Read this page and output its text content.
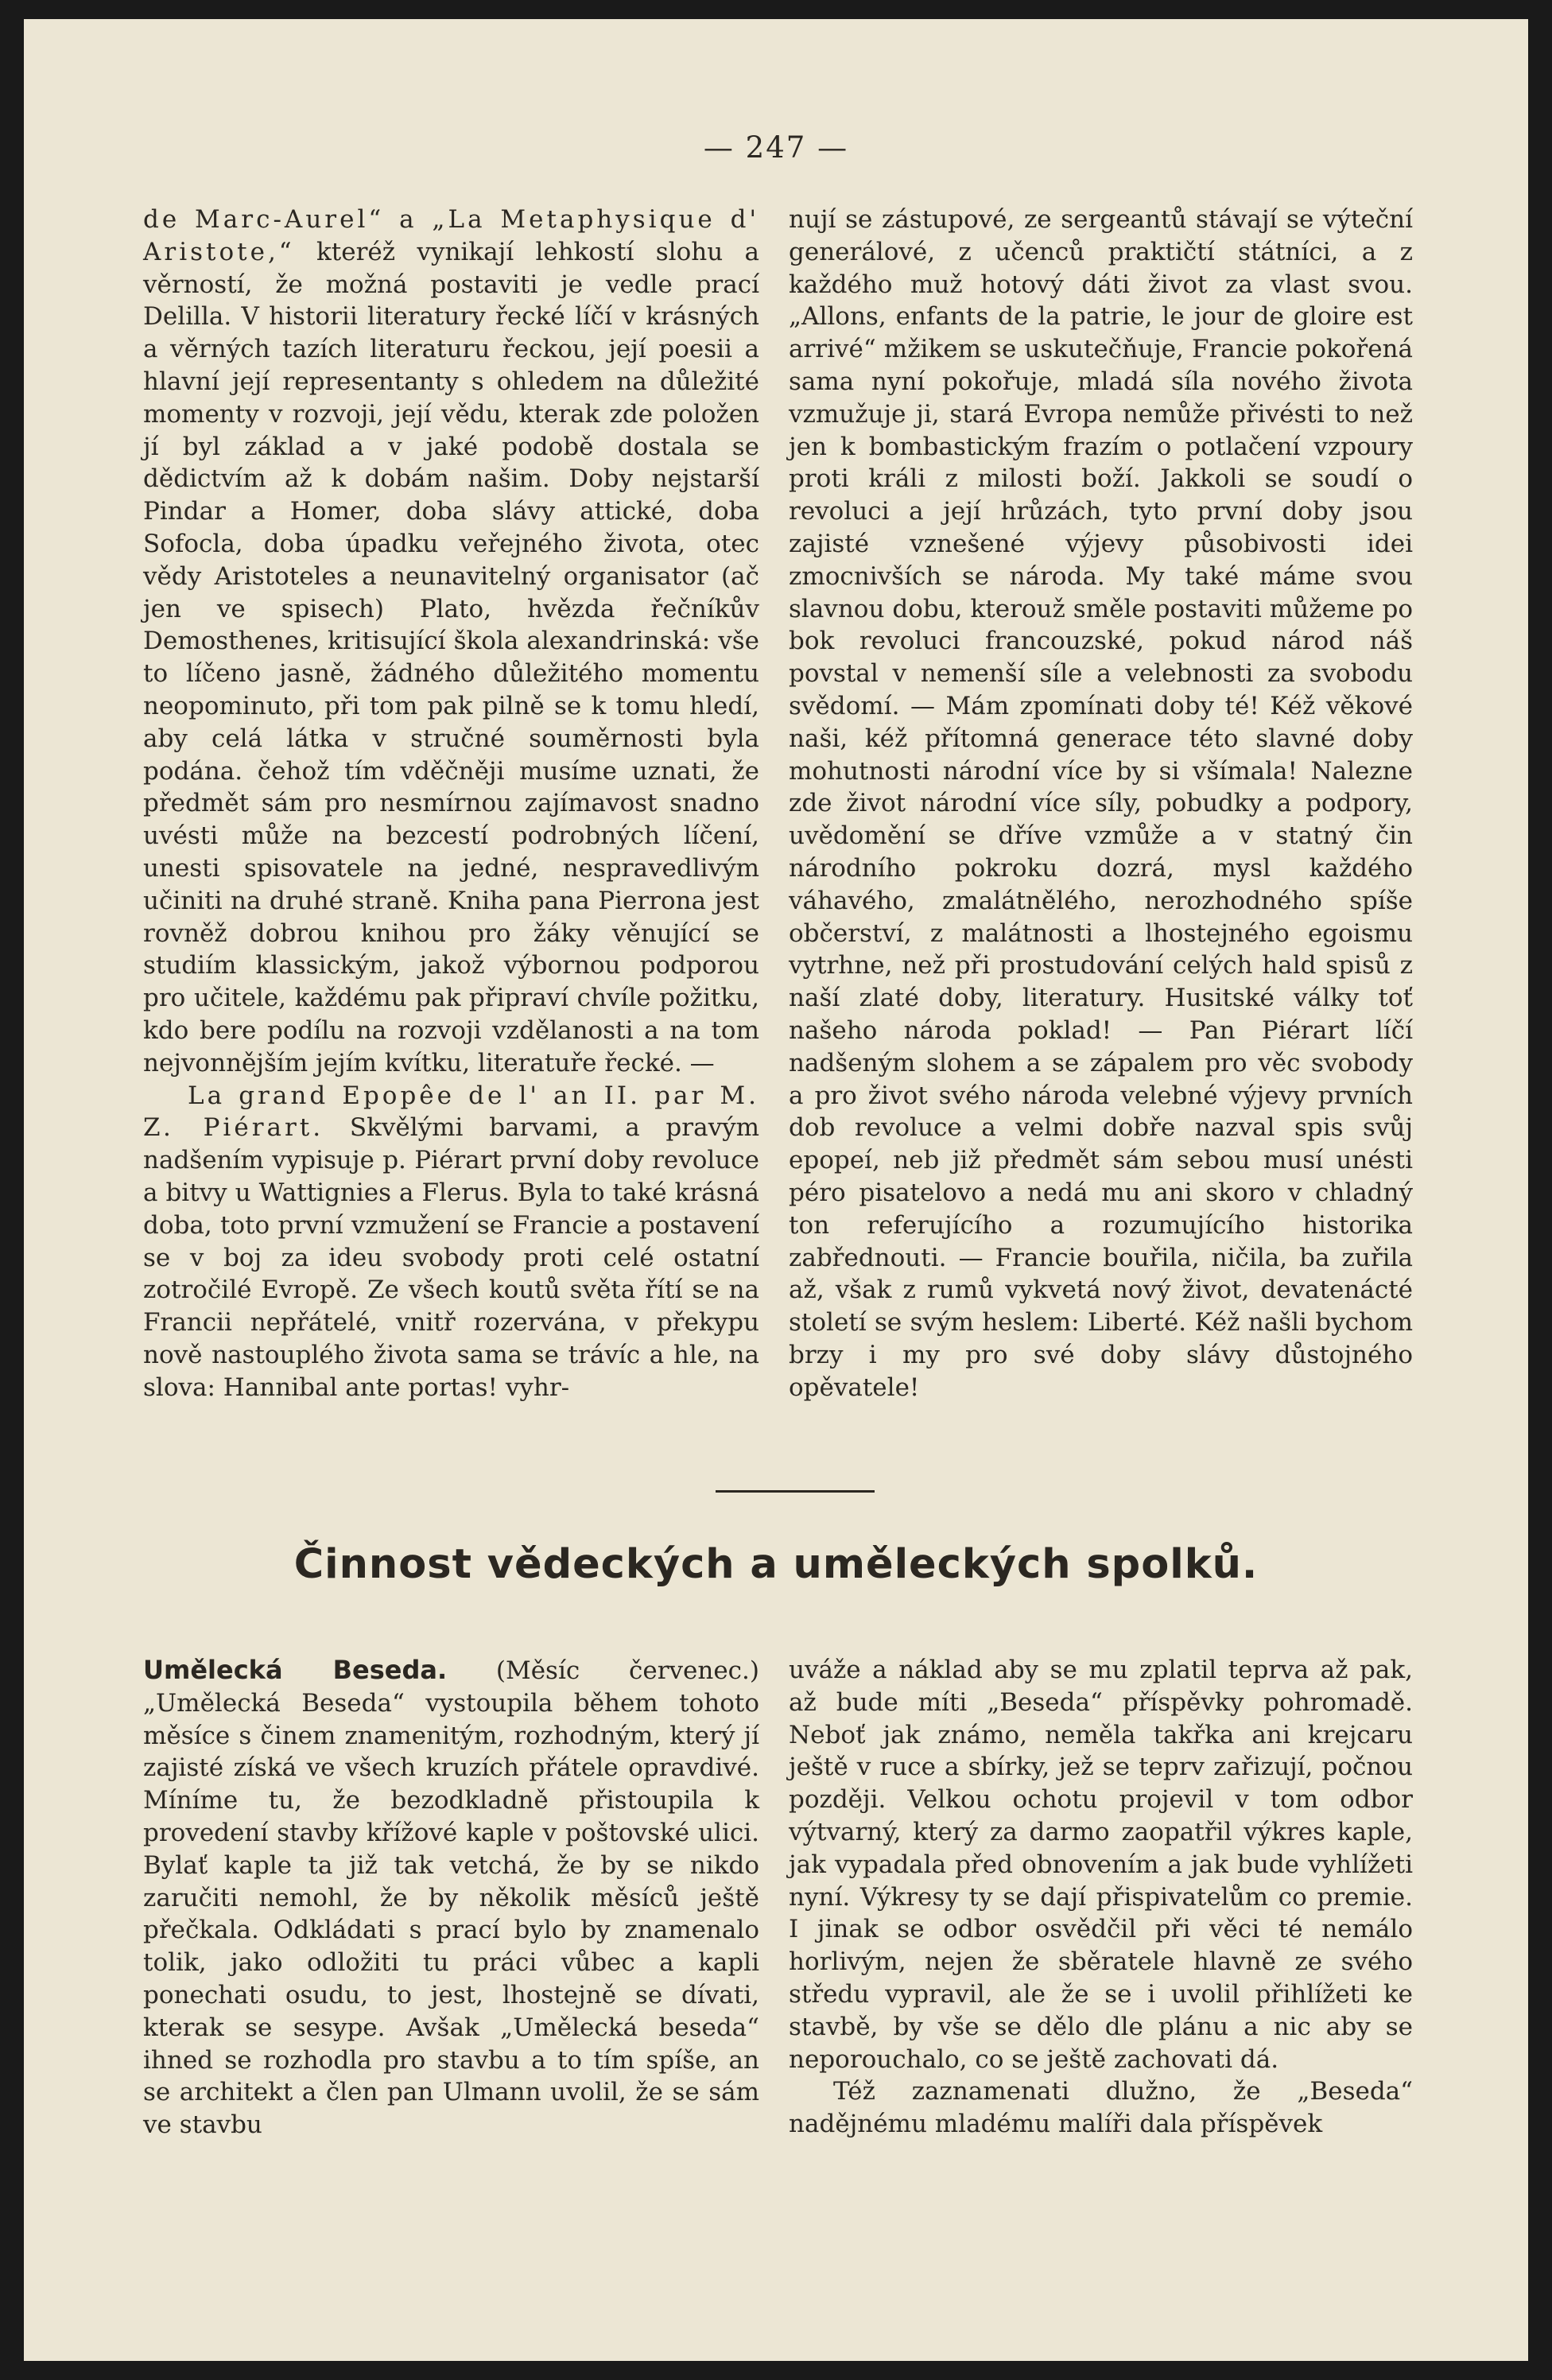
— 247 —

de Marc-Aurel“ a „La Metaphysique d' Aristote,“ kteréž vynikají lehkostí slohu a věrností, že možná postaviti je vedle prací Delilla. V historii literatury řecké líčí v krásných a věrných tazích literaturu řeckou, její poesii a hlavní její representanty s ohledem na důležité momenty v rozvoji, její vědu, kterak zde položen jí byl základ a v jaké podobě dostala se dědictvím až k dobám našim. Doby nejstarší Pindar a Homer, doba slávy attické, doba Sofocla, doba úpadku veřejného života, otec vědy Aristoteles a neunavitelný organisator (ač jen ve spisech) Plato, hvězda řečníkův Demosthenes, kritisující škola alexandrinská: vše to líčeno jasně, žádného důležitého momentu neopominuto, při tom pak pilně se k tomu hledí, aby celá látka v stručné souměrnosti byla podána. čehož tím vděčněji musíme uznati, že předmět sám pro nesmírnou zajímavost snadno uvésti může na bezcestí podrobných líčení, unesti spisovatele na jedné, nespravedlivým učiniti na druhé straně. Kniha pana Pierrona jest rovněž dobrou knihou pro žáky věnující se studiím klassickým, jakož výbornou podporou pro učitele, každému pak připraví chvíle požitku, kdo bere podílu na rozvoji vzdělanosti a na tom nejvonnějším jejím kvítku, literatuře řecké. —

La grand Epopêe de l' an II. par M. Z. Piérart. Skvělými barvami, a pravým nadšením vypisuje p. Piérart první doby revoluce a bitvy u Wattignies a Flerus. Byla to také krásná doba, toto první vzmužení se Francie a postavení se v boj za ideu svobody proti celé ostatní zotročilé Evropě. Ze všech koutů světa řítí se na Francii nepřátelé, vnitř rozervána, v překypu nově nastouplého života sama se trávíc a hle, na slova: Hannibal ante portas! vyhr-

nují se zástupové, ze sergeantů stávají se výteční generálové, z učenců praktičtí státníci, a z každého muž hotový dáti život za vlast svou. „Allons, enfants de la patrie, le jour de gloire est arrivé“ mžikem se uskutečňuje, Francie pokořená sama nyní pokořuje, mladá síla nového života vzmužuje ji, stará Evropa nemůže přivésti to než jen k bombastickým frazím o potlačení vzpoury proti králi z milosti boží. Jakkoli se soudí o revoluci a její hrůzách, tyto první doby jsou zajisté vznešené výjevy působivosti idei zmocnivších se národa. My také máme svou slavnou dobu, kterouž směle postaviti můžeme po bok revoluci francouzské, pokud národ náš povstal v nemenší síle a velebnosti za svobodu svědomí. — Mám zpomínati doby té! Kéž věkové naši, kéž přítomná generace této slavné doby mohutnosti národní více by si všímala! Nalezne zde život národní více síly, pobudky a podpory, uvědomění se dříve vzmůže a v statný čin národního pokroku dozrá, mysl každého váhavého, zmalátnělého, nerozhodného spíše občerství, z malátnosti a lhostejného egoismu vytrhne, než při prostudování celých hald spisů z naší zlaté doby, literatury. Husitské války toť našeho národa poklad! — Pan Piérart líčí nadšeným slohem a se zápalem pro věc svobody a pro život svého národa velebné výjevy prvních dob revoluce a velmi dobře nazval spis svůj epopeí, neb již předmět sám sebou musí unésti péro pisatelovo a nedá mu ani skoro v chladný ton referujícího a rozumujícího historika zabřednouti. — Francie bouřila, ničila, ba zuřila až, však z rumů vykvetá nový život, devatenácté století se svým heslem: Liberté. Kéž našli bychom brzy i my pro své doby slávy důstojného opěvatele!

Činnost vědeckých a uměleckých spolků.

Umělecká Beseda. (Měsíc červenec.) „Umělecká Beseda“ vystoupila během tohoto měsíce s činem znamenitým, rozhodným, který jí zajisté získá ve všech kruzích přátele opravdivé. Míníme tu, že bezodkladně přistoupila k provedení stavby křížové kaple v poštovské ulici. Bylať kaple ta již tak vetchá, že by se nikdo zaručiti nemohl, že by několik měsíců ještě přečkala. Odkládati s prací bylo by znamenalo tolik, jako odložiti tu práci vůbec a kapli ponechati osudu, to jest, lhostejně se dívati, kterak se sesype. Avšak „Umělecká beseda“ ihned se rozhodla pro stavbu a to tím spíše, an se architekt a člen pan Ulmann uvolil, že se sám ve stavbu

uváže a náklad aby se mu zplatil teprva až pak, až bude míti „Beseda“ příspěvky pohromadě. Neboť jak známo, neměla takřka ani krejcaru ještě v ruce a sbírky, jež se teprv zařizují, počnou později. Velkou ochotu projevil v tom odbor výtvarný, který za darmo zaopatřil výkres kaple, jak vypadala před obnovením a jak bude vyhlížeti nyní. Výkresy ty se dají přispivatelům co premie. I jinak se odbor osvědčil při věci té nemálo horlivým, nejen že sběratele hlavně ze svého středu vypravil, ale že se i uvolil přihlížeti ke stavbě, by vše se dělo dle plánu a nic aby se neporouchalo, co se ještě zachovati dá.

Též zaznamenati dlužno, že „Beseda“ nadějnému mladému malíři dala příspěvek
